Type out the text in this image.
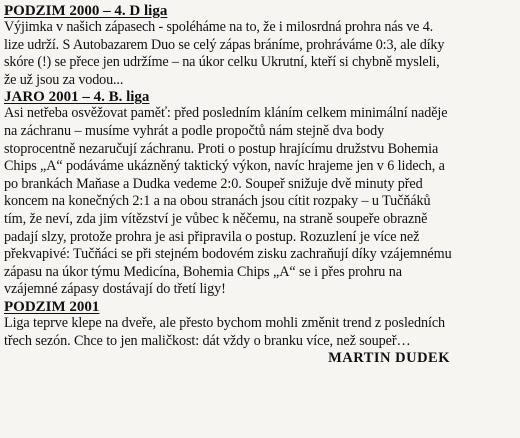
PODZIM 2000 – 4. D liga
Výjimka v našich zápasech - spoléháme na to, že i milosrdná prohra nás ve 4.
lize udrží. S Autobazarem Duo se celý zápas bráníme, prohráváme 0:3, ale díky
skóre (!) se přece jen udržíme – na úkor celku Ukrutní, kteří si chybně mysleli,
že už jsou za vodou...
JARO 2001 – 4. B. liga
Asi netřeba osvěžovat paměť: před posledním kláním celkem minimální naděje
na záchranu – musíme vyhrát a podle propočtů nám stejně dva body
stoprocentně nezaručují záchranu. Proti o postup hrajícímu družstvu Bohemia
Chips „A“ podáváme ukázněný taktický výkon, navíc hrajeme jen v 6 lidech, a
po brankách Maňase a Dudka vedeme 2:0. Soupeř snižuje dvě minuty před
koncem na konečných 2:1 a na obou stranách jsou cítit rozpaky – u Tučňáků
tím, že neví, zda jim vítězství je vůbec k něčemu, na straně soupeře obrazně
padají slzy, protože prohra je asi připravila o postup. Rozuzlení je více než
překvapivé: Tučňáci se při stejném bodovém zisku zachraňují díky vzájemnému
zápasu na úkor týmu Medicína, Bohemia Chips „A“ se i přes prohru na
vzájemné zápasy dostávají do třetí ligy!
PODZIM 2001
Liga teprve klepe na dveře, ale přesto bychom mohli změnit trend z posledních
třech sezón. Chce to jen maličkost: dát vždy o branku více, než soupeř…
MARTIN DUDEK
